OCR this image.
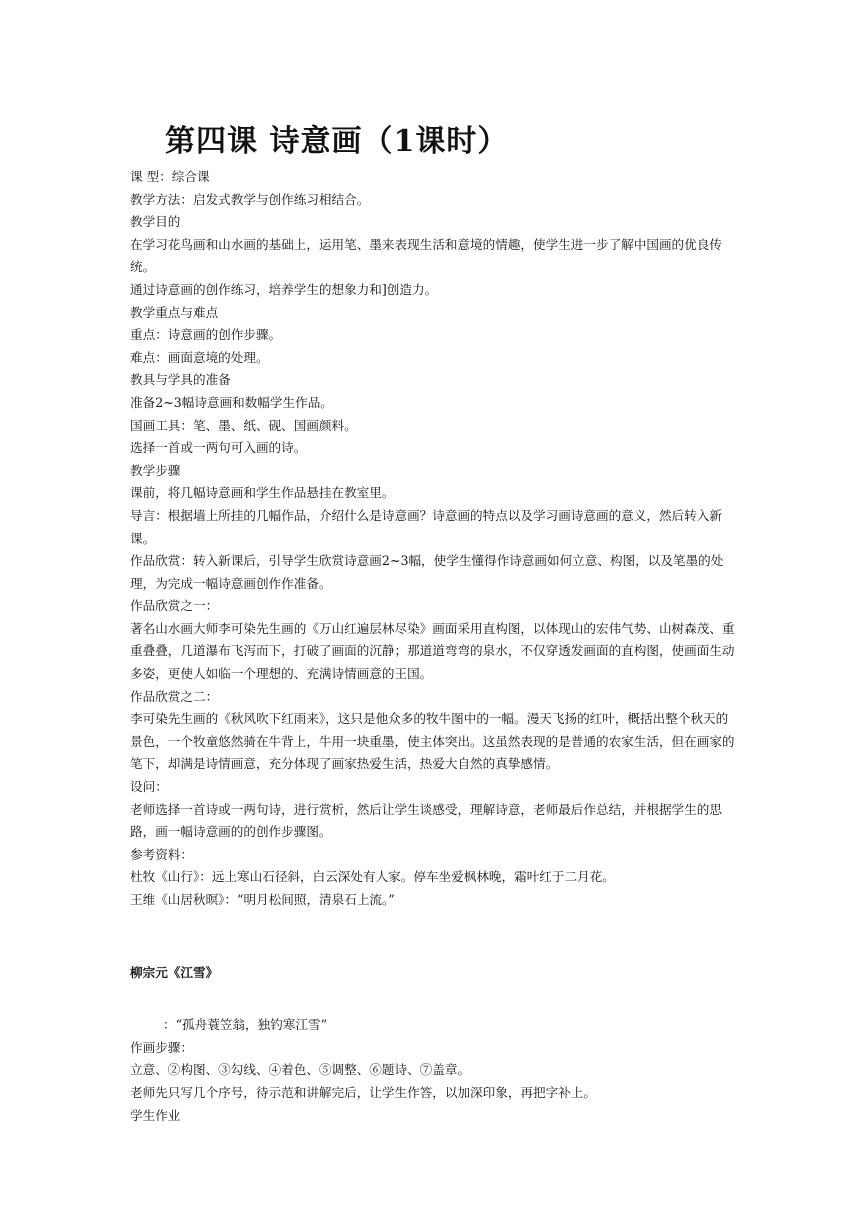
第四课 诗意画（1课时）

课 型：综合课

教学方法：启发式教学与创作练习相结合。

教学目的

在学习花鸟画和山水画的基础上，运用笔、墨来表现生活和意境的情趣，使学生进一步了解中国画的优良传统。

通过诗意画的创作练习，培养学生的想象力和]创造力。

教学重点与难点

重点：诗意画的创作步骤。

难点：画面意境的处理。

教具与学具的准备

准备2~3幅诗意画和数幅学生作品。

国画工具：笔、墨、纸、砚、国画颜料。

选择一首或一两句可入画的诗。

教学步骤

课前，将几幅诗意画和学生作品悬挂在教室里。

导言：根据墙上所挂的几幅作品，介绍什么是诗意画？诗意画的特点以及学习画诗意画的意义，然后转入新课。

作品欣赏：转入新课后，引导学生欣赏诗意画2~3幅，使学生懂得作诗意画如何立意、构图，以及笔墨的处理，为完成一幅诗意画创作作准备。

作品欣赏之一：

著名山水画大师李可染先生画的《万山红遍层林尽染》画面采用直构图，以体现山的宏伟气势、山树森茂、重重叠叠，几道瀑布飞泻而下，打破了画面的沉静；那道道弯弯的泉水，不仅穿透发画面的直构图，使画面生动多姿，更使人如临一个理想的、充满诗情画意的王国。

作品欣赏之二：

李可染先生画的《秋风吹下红雨来》，这只是他众多的牧牛图中的一幅。漫天飞扬的红叶，概括出整个秋天的景色，一个牧童悠然骑在牛背上，牛用一块重墨，使主体突出。这虽然表现的是普通的农家生活，但在画家的笔下，却满是诗情画意，充分体现了画家热爱生活，热爱大自然的真挚感情。

设问：

老师选择一首诗或一两句诗，进行赏析，然后让学生谈感受，理解诗意，老师最后作总结，并根据学生的思路，画一幅诗意画的的创作步骤图。

参考资料：

杜牧《山行》：远上寒山石径斜，白云深处有人家。停车坐爱枫林晚，霜叶红于二月花。

王维《山居秋暝》：“明月松间照，清泉石上流。”

柳宗元《江雪》

：“孤舟蓑笠翁，独钓寒江雪”

作画步骤：

立意、②构图、③勾线、④着色、⑤调整、⑥题诗、⑦盖章。

老师先只写几个序号，待示范和讲解完后，让学生作答，以加深印象，再把字补上。

学生作业
